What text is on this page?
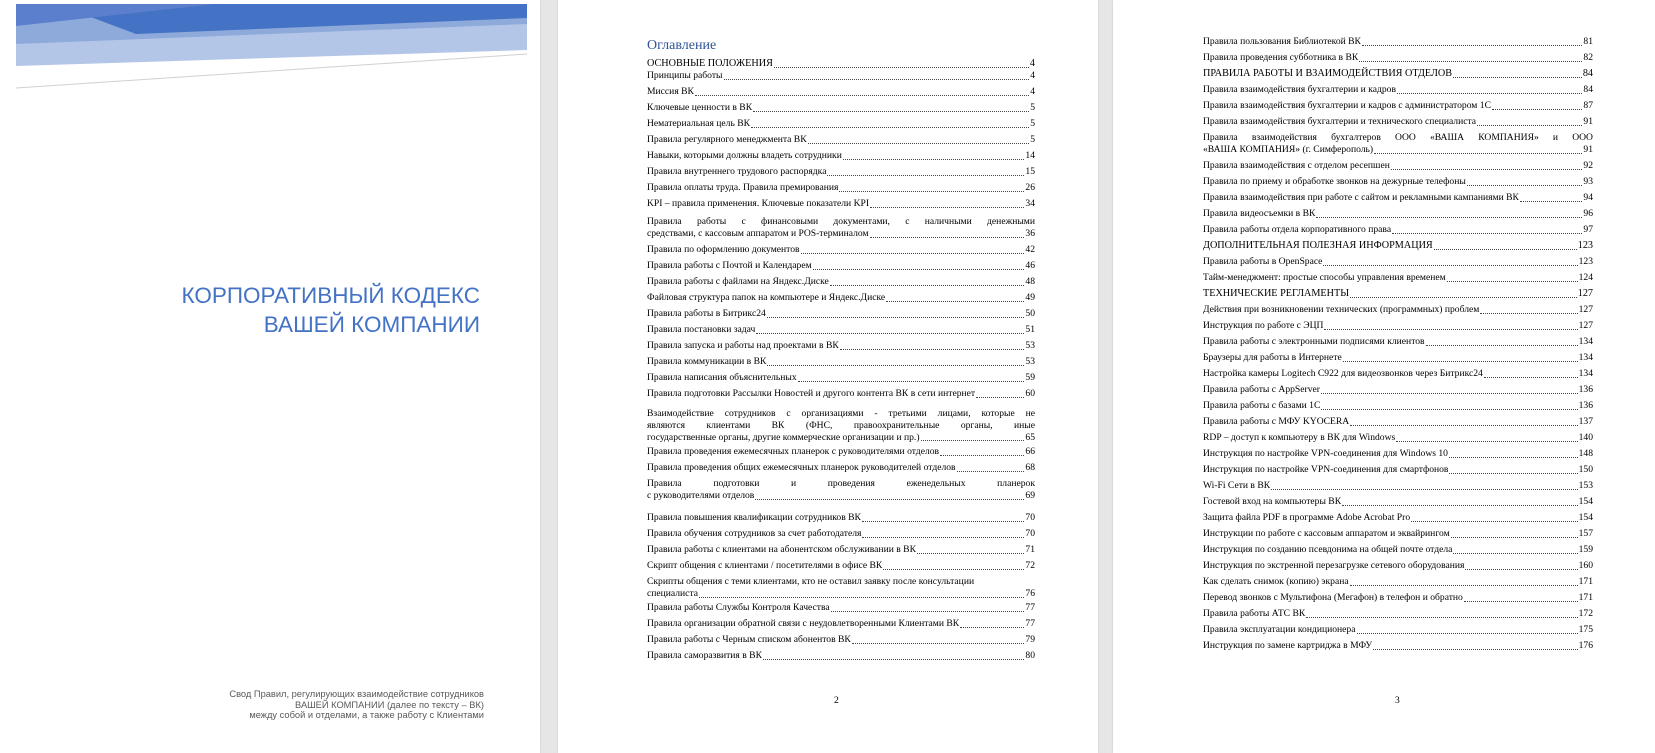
КОРПОРАТИВНЫЙ КОДЕКС
ВАШЕЙ КОМПАНИИ
Свод Правил, регулирующих взаимодействие сотрудников
ВАШЕЙ КОМПАНИИ (далее по тексту – ВК)
между собой и отделами, а также работу с Клиентами
2
Оглавление
ОСНОВНЫЕ ПОЛОЖЕНИЯ	4
Принципы работы	4
Миссия ВК	4
Ключевые ценности в ВК	5
Нематериальная цель ВК	5
Правила регулярного менеджмента ВК	5
Навыки, которыми должны владеть сотрудники	14
Правила внутреннего трудового распорядка	15
Правила оплаты труда. Правила премирования	26
KPI – правила применения. Ключевые показатели KPI	34
Правила работы с финансовыми документами, с наличными денежными
средствами, с кассовым аппаратом и POS-терминалом	36
Правила по оформлению документов	42
Правила работы с Почтой и Календарем	46
Правила работы с файлами на Яндекс.Диске	48
Файловая структура папок на компьютере и Яндекс.Диске	49
Правила работы в Битрикс24	50
Правила постановки задач	51
Правила запуска и работы над проектами в ВК	53
Правила коммуникации в ВК	53
Правила написания объяснительных	59
Правила подготовки Рассылки Новостей и другого контента ВК в сети интернет	60
Взаимодействие сотрудников с организациями - третьими лицами, которые не
являются клиентами ВК (ФНС, правоохранительные органы, иные
государственные органы, другие коммерческие организации и пр.)	65
Правила проведения ежемесячных планерок с руководителями отделов	66
Правила проведения общих ежемесячных планерок руководителей отделов	68
Правила подготовки и проведения еженедельных планерок
с руководителями отделов	69
Правила повышения квалификации сотрудников ВК	70
Правила обучения сотрудников за счет работодателя	70
Правила работы с клиентами на абонентском обслуживании в ВК	71
Скрипт общения с клиентами / посетителями в офисе ВК	72
Скрипты общения с теми клиентами, кто не оставил заявку после консультации
специалиста	76
Правила работы Службы Контроля Качества	77
Правила организации обратной связи с неудовлетворенными Клиентами ВК	77
Правила работы с Черным списком абонентов ВК	79
Правила саморазвития в ВК	80
3
Правила пользования Библиотекой ВК	81
Правила проведения субботника в ВК	82
ПРАВИЛА РАБОТЫ И ВЗАИМОДЕЙСТВИЯ ОТДЕЛОВ	84
Правила взаимодействия бухгалтерии и кадров	84
Правила взаимодействия бухгалтерии и кадров с администратором 1С	87
Правила взаимодействия бухгалтерии и технического специалиста	91
Правила взаимодействия бухгалтеров ООО «ВАША КОМПАНИЯ» и ООО
«ВАША КОМПАНИЯ» (г. Симферополь)	91
Правила взаимодействия с отделом ресепшен	92
Правила по приему и обработке звонков на дежурные телефоны	93
Правила взаимодействия при работе с сайтом и рекламными кампаниями ВК	94
Правила видеосъемки в ВК	96
Правила работы отдела корпоративного права	97
ДОПОЛНИТЕЛЬНАЯ ПОЛЕЗНАЯ ИНФОРМАЦИЯ	123
Правила работы в OpenSpace	123
Тайм-менеджмент: простые способы управления временем	124
ТЕХНИЧЕСКИЕ РЕГЛАМЕНТЫ	127
Действия при возникновении технических (программных) проблем	127
Инструкция по работе с ЭЦП	127
Правила работы с электронными подписями клиентов	134
Браузеры для работы в Интернете	134
Настройка камеры Logitech C922 для видеозвонков через Битрикс24	134
Правила работы с AppServer	136
Правила работы с базами 1С	136
Правила работы с МФУ KYOCERA	137
RDP – доступ к компьютеру в ВК для Windows	140
Инструкция по настройке VPN-соединения для Windows 10	148
Инструкция по настройке VPN-соединения для смартфонов	150
Wi-Fi Сети в ВК	153
Гостевой вход на компьютеры ВК	154
Защита файла PDF в программе Adobe Acrobat Pro	154
Инструкции по работе с кассовым аппаратом и эквайрингом	157
Инструкция по созданию псевдонима на общей почте отдела	159
Инструкция по экстренной перезагрузке сетевого оборудования	160
Как сделать снимок (копию) экрана	171
Перевод звонков с Мультифона (Мегафон) в телефон и обратно	171
Правила работы АТС ВК	172
Правила эксплуатации кондиционера	175
Инструкция по замене картриджа в МФУ	176
